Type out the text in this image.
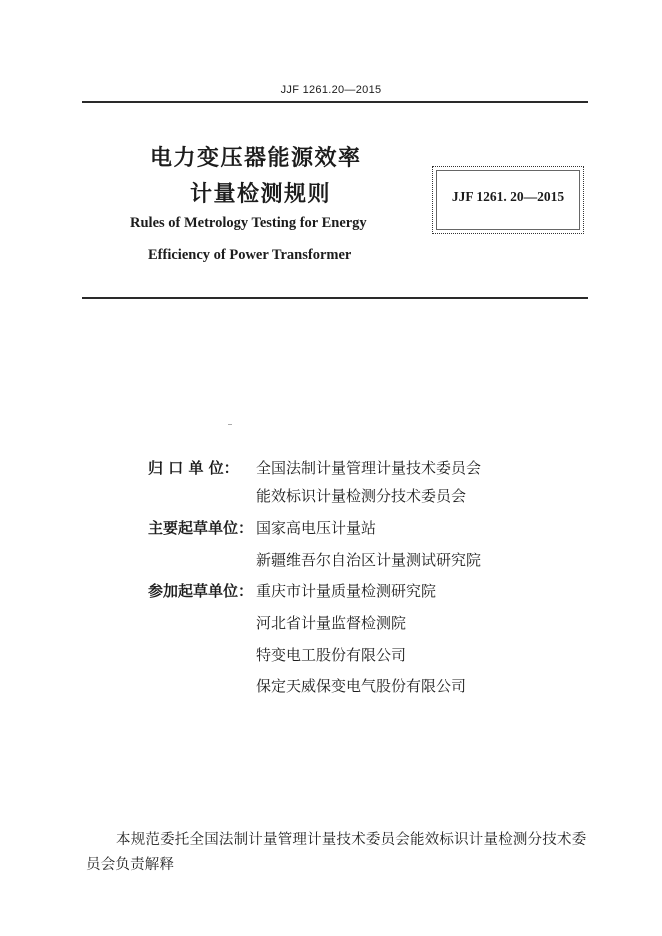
JJF 1261.20—2015
电力变压器能源效率
计量检测规则
Rules of Metrology Testing for Energy
Efficiency of Power Transformer
JJF 1261. 20—2015
归 口 单 位： 全国法制计量管理计量技术委员会
能效标识计量检测分技术委员会
主要起草单位： 国家高电压计量站
新疆维吾尔自治区计量测试研究院
参加起草单位： 重庆市计量质量检测研究院
河北省计量监督检测院
特变电工股份有限公司
保定天威保变电气股份有限公司
本规范委托全国法制计量管理计量技术委员会能效标识计量检测分技术委员会负责解释
